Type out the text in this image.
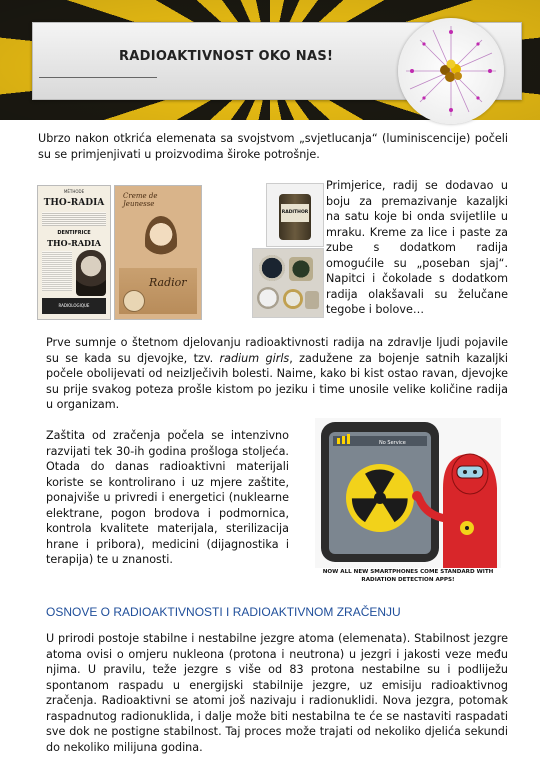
RADIOAKTIVNOST OKO NAS!

Ubrzo nakon otkrića elemenata sa svojstvom „svjetlucanja“ (luminiscencije) počeli su se primjenjivati u proizvodima široke potrošnje.

MÉTHODE
THO-RADIA
DENTIFRICE
THO-RADIA
RADIOLOGIQUE
Creme de Jeunesse
Radior
RADITHOR

Primjerice, radij se dodavao u boju za premazivanje kazaljki na satu koje bi onda svijetlile u mraku. Kreme za lice i paste za zube s dodatkom radija omogućile su „poseban sjaj“. Napitci i čokolade s dodatkom radija olakšavali su želučane tegobe i bolove…

Prve sumnje o štetnom djelovanju radioaktivnosti radija na zdravlje ljudi pojavile su se kada su djevojke, tzv. radium girls, zadužene za bojenje satnih kazaljki počele obolijevati od neizlječivih bolesti. Naime, kako bi kist ostao ravan, djevojke su prije svakog poteza prošle kistom po jeziku i time unosile velike količine radija u organizam.

Zaštita od zračenja počela se intenzivno razvijati tek 30-ih godina prošloga stoljeća. Otada do danas radioaktivni materijali koriste se kontrolirano i uz mjere zaštite, ponajviše u privredi i energetici (nuklearne elektrane, pogon brodova i podmornica, kontrola kvalitete materijala, sterilizacija hrane i pribora), medicini (dijagnostika i terapija) te u znanosti.

No Service
NOW ALL NEW SMARTPHONES COME STANDARD WITH RADIATION DETECTION APPS!
OSNOVE O RADIOAKTIVNOSTI I RADIOAKTIVNOM ZRAČENJU

U prirodi postoje stabilne i nestabilne jezgre atoma (elemenata). Stabilnost jezgre atoma ovisi o omjeru nukleona (protona i neutrona) u jezgri i jakosti veze među njima. U pravilu, teže jezgre s više od 83 protona nestabilne su i podliježu spontanom raspadu u energijski stabilnije jezgre, uz emisiju radioaktivnog zračenja. Radioaktivni se atomi još nazivaju i radionuklidi. Nova jezgra, potomak raspadnutog radionuklida, i dalje može biti nestabilna te će se nastaviti raspadati sve dok ne postigne stabilnost. Taj proces može trajati od nekoliko djelića sekundi do nekoliko milijuna godina.
